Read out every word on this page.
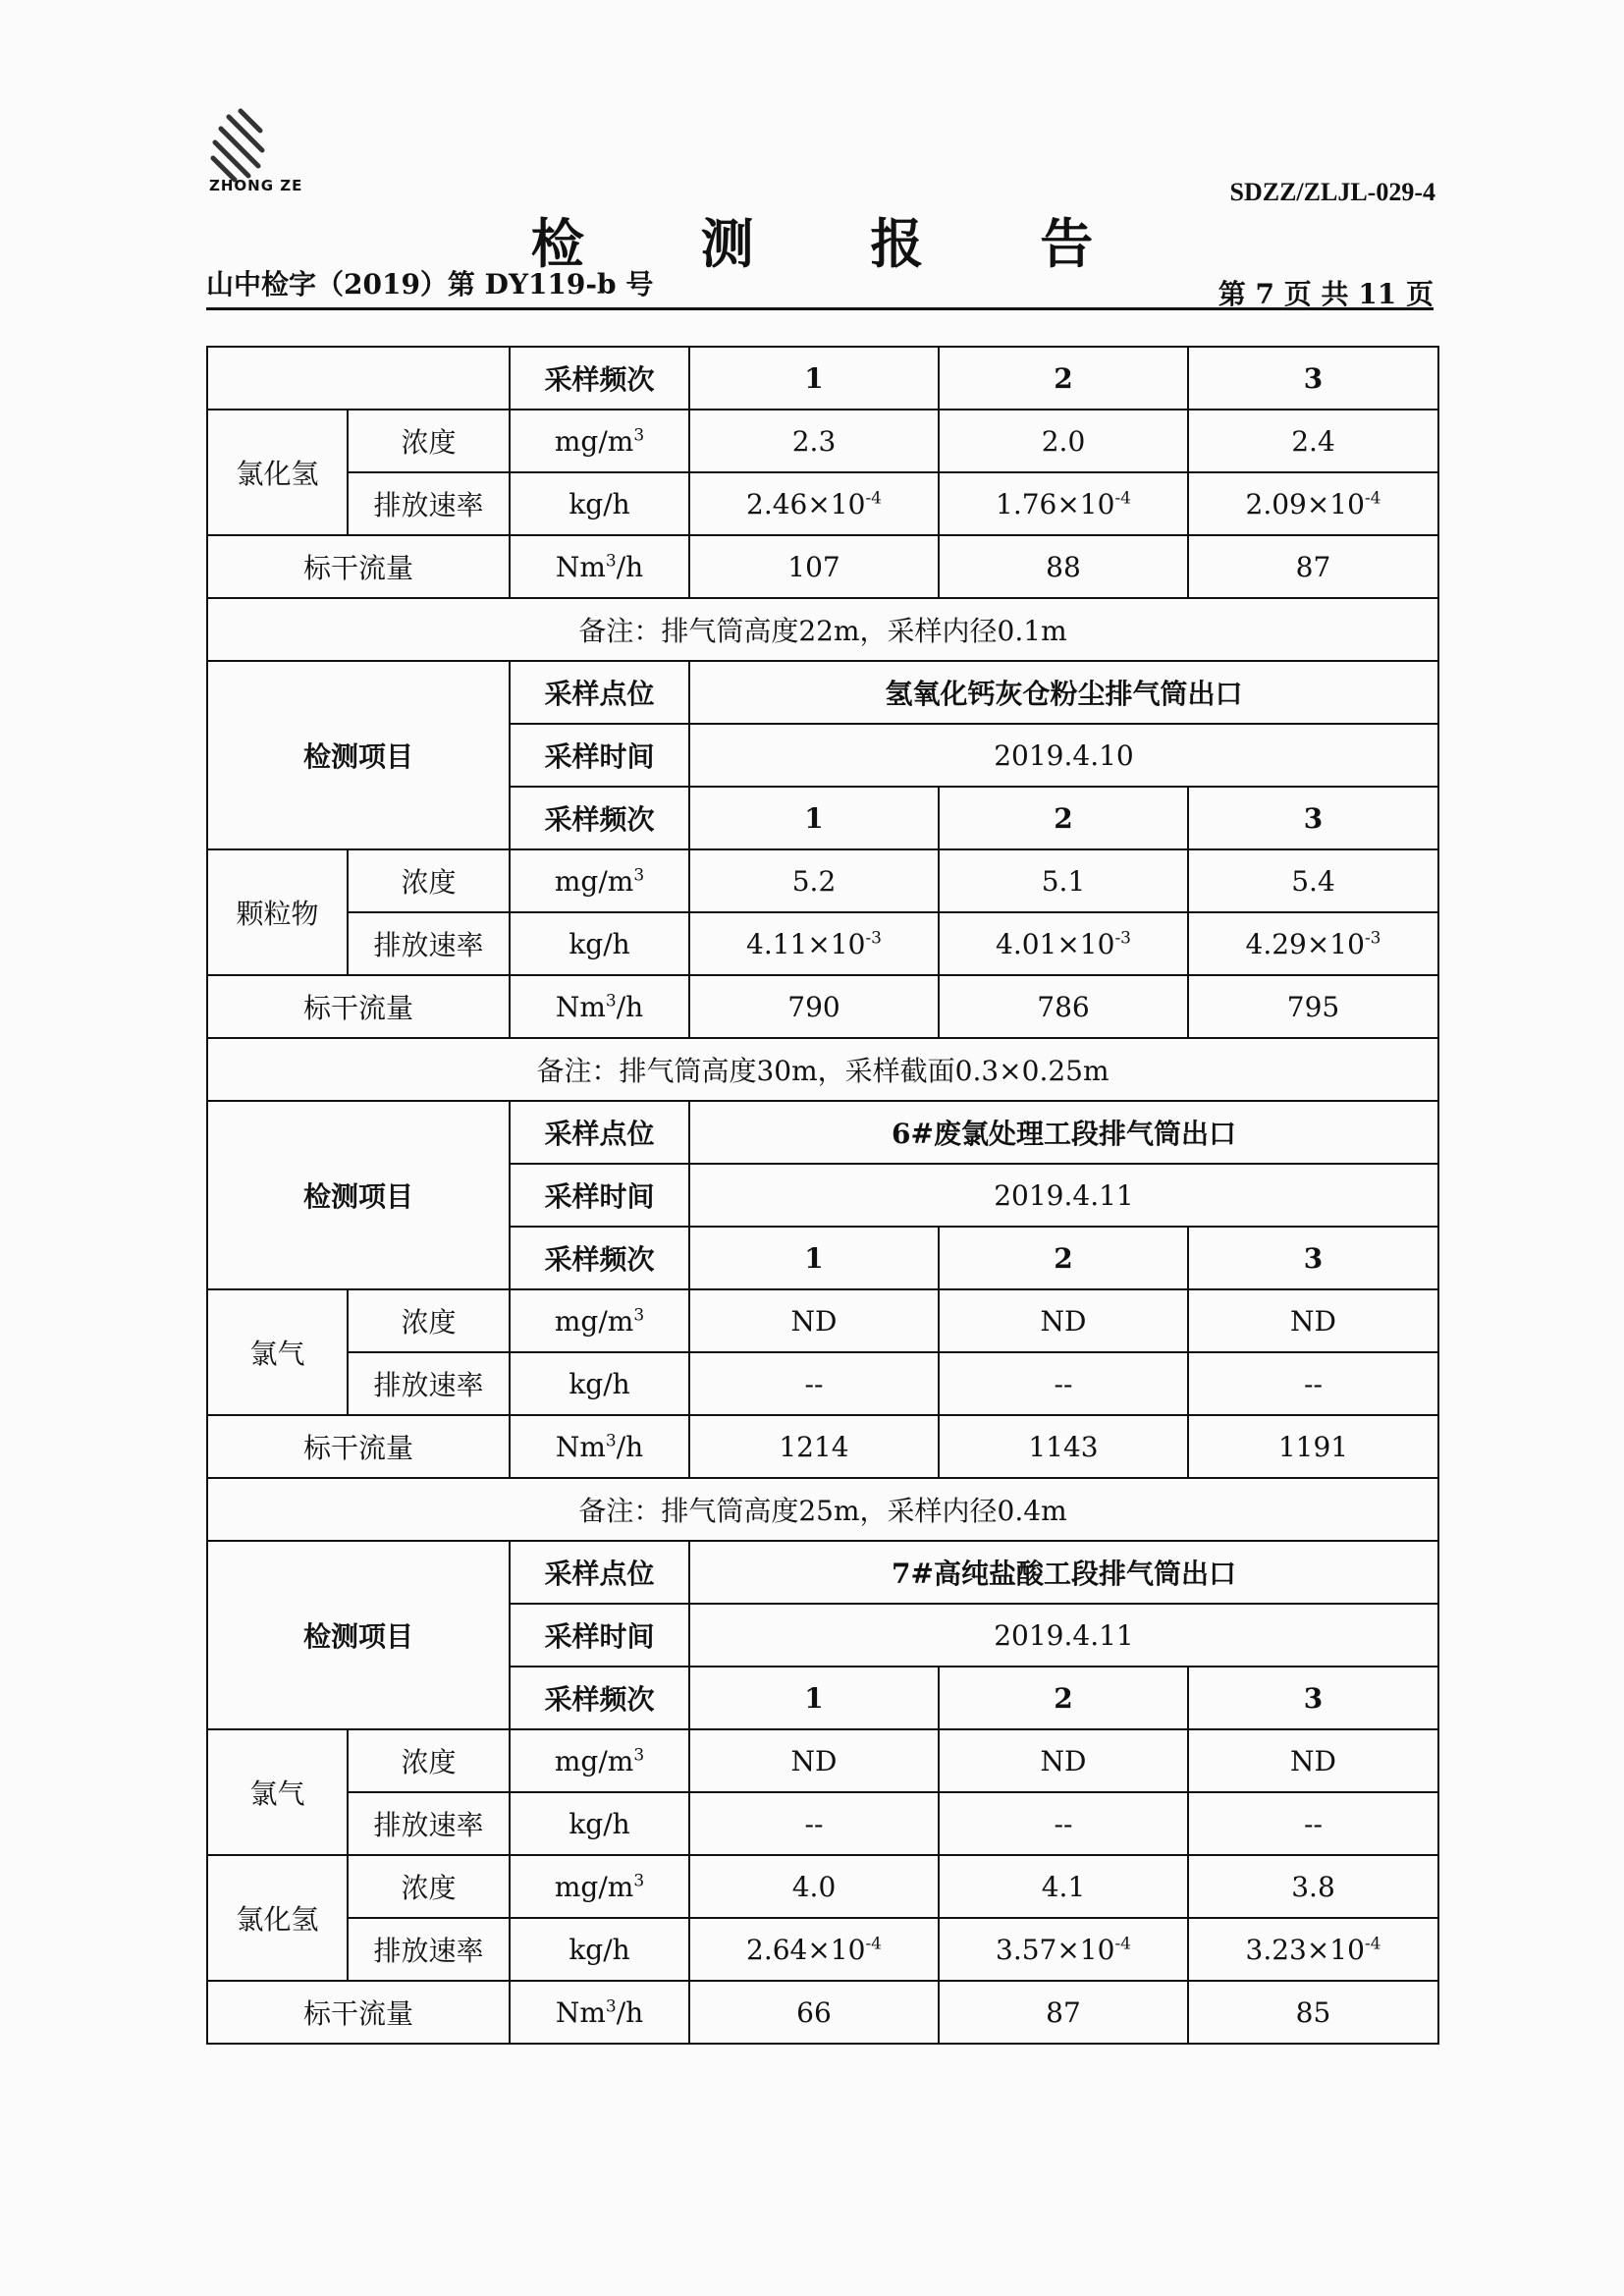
ZHONG ZE	SDZZ/ZLJL-029-4
检 测 报 告
山中检字（2019）第 DY119-b 号	第 7 页 共 11 页
		采样频次	1	2	3
氯化氢	浓度	$mg/m^3$	2.3	2.0	2.4
	排放速率	kg/h	$2.46\times 10^{-4}$	$1.76\times 10^{-4}$	$2.09\times 10^{-4}$
标干流量		Nm$^3$/h	107	88	87
备注：排气筒高度22m，采样内径0.1m					
检测项目		采样点位	氢氧化钙灰仓粉尘排气筒出口		
		采样时间	2019.4.10		
		采样频次	1	2	3
颗粒物	浓度	$mg/m^3$	5.2	5.1	5.4
	排放速率	kg/h	$4.11\times 10^{-3}$	$4.01\times 10^{-3}$	$4.29\times 10^{-3}$
标干流量		Nm$^3$/h	790	786	795
备注：排气筒高度30m，采样截面0.3×0.25m					
检测项目		采样点位	6#废氯处理工段排气筒出口		
		采样时间	2019.4.11		
		采样频次	1	2	3
氯气	浓度	$mg/m^3$	ND	ND	ND
	排放速率	kg/h	--	--	--
标干流量		Nm$^3$/h	1214	1143	1191
备注：排气筒高度25m，采样内径0.4m					
检测项目		采样点位	7#高纯盐酸工段排气筒出口		
		采样时间	2019.4.11		
		采样频次	1	2	3
氯气	浓度	$mg/m^3$	ND	ND	ND
	排放速率	kg/h	--	--	--
氯化氢	浓度	$mg/m^3$	4.0	4.1	3.8
	排放速率	kg/h	$2.64\times 10^{-4}$	$3.57\times 10^{-4}$	$3.23\times 10^{-4}$
标干流量		Nm$^3$/h	66	87	85
